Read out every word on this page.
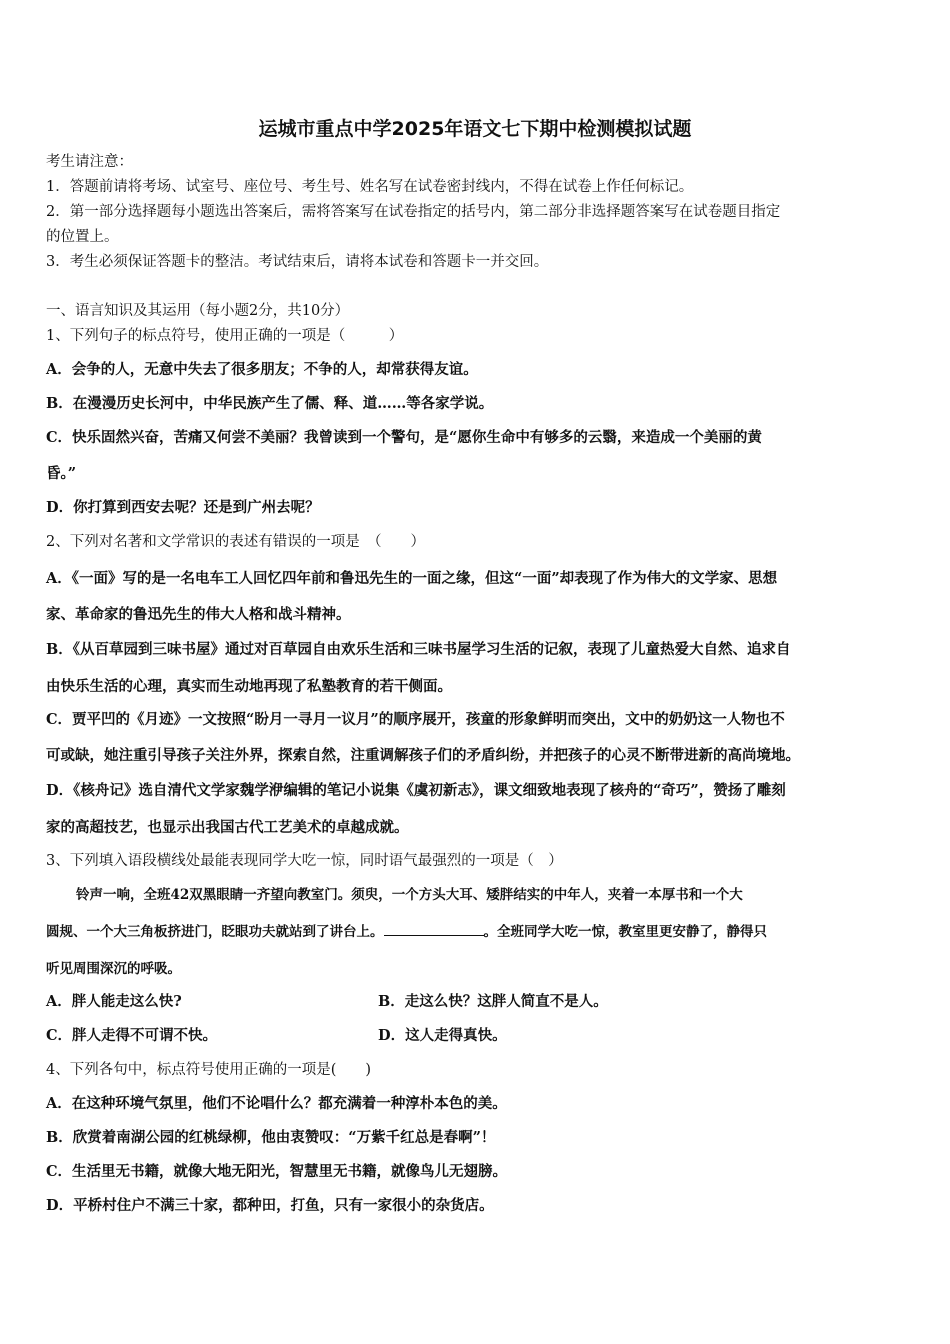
运城市重点中学2025年语文七下期中检测模拟试题
考生请注意：
1．答题前请将考场、试室号、座位号、考生号、姓名写在试卷密封线内，不得在试卷上作任何标记。
2．第一部分选择题每小题选出答案后，需将答案写在试卷指定的括号内，第二部分非选择题答案写在试卷题目指定
的位置上。
3．考生必须保证答题卡的整洁。考试结束后，请将本试卷和答题卡一并交回。
一、语言知识及其运用（每小题2分，共10分）
1、下列句子的标点符号，使用正确的一项是（　　　）
A．会争的人，无意中失去了很多朋友；不争的人，却常获得友谊。
B．在漫漫历史长河中，中华民族产生了儒、释、道……等各家学说。
C．快乐固然兴奋，苦痛又何尝不美丽？我曾读到一个警句，是“愿你生命中有够多的云翳，来造成一个美丽的黄
昏。”
D．你打算到西安去呢？还是到广州去呢？
2、下列对名著和文学常识的表述有错误的一项是　（　　）
A．《一面》写的是一名电车工人回忆四年前和鲁迅先生的一面之缘，但这“一面”却表现了作为伟大的文学家、思想
家、革命家的鲁迅先生的伟大人格和战斗精神。
B．《从百草园到三味书屋》通过对百草园自由欢乐生活和三味书屋学习生活的记叙，表现了儿童热爱大自然、追求自
由快乐生活的心理，真实而生动地再现了私塾教育的若干侧面。
C．贾平凹的《月迹》一文按照“盼月一寻月一议月”的顺序展开，孩童的形象鲜明而突出，文中的奶奶这一人物也不
可或缺，她注重引导孩子关注外界，探索自然，注重调解孩子们的矛盾纠纷，并把孩子的心灵不断带进新的高尚境地。
D．《核舟记》选自清代文学家魏学洢编辑的笔记小说集《虞初新志》，课文细致地表现了核舟的“奇巧”，赞扬了雕刻
家的高超技艺，也显示出我国古代工艺美术的卓越成就。
3、下列填入语段横线处最能表现同学大吃一惊，同时语气最强烈的一项是（　）
铃声一响，全班42双黑眼睛一齐望向教室门。须臾，一个方头大耳、矮胖结实的中年人，夹着一本厚书和一个大
圆规、一个大三角板挤进门，眨眼功夫就站到了讲台上。	。全班同学大吃一惊，教室里更安静了，静得只
听见周围深沉的呼吸。
A．胖人能走这么快?	B．走这么快？这胖人简直不是人。
C．胖人走得不可谓不快。	D．这人走得真快。
4、下列各句中，标点符号使用正确的一项是(　　)
A．在这种环境气氛里，他们不论唱什么？都充满着一种淳朴本色的美。
B．欣赏着南湖公园的红桃绿柳，他由衷赞叹：“万紫千红总是春啊”！
C．生活里无书籍，就像大地无阳光，智慧里无书籍，就像鸟儿无翅膀。
D．平桥村住户不满三十家，都种田，打鱼，只有一家很小的杂货店。
